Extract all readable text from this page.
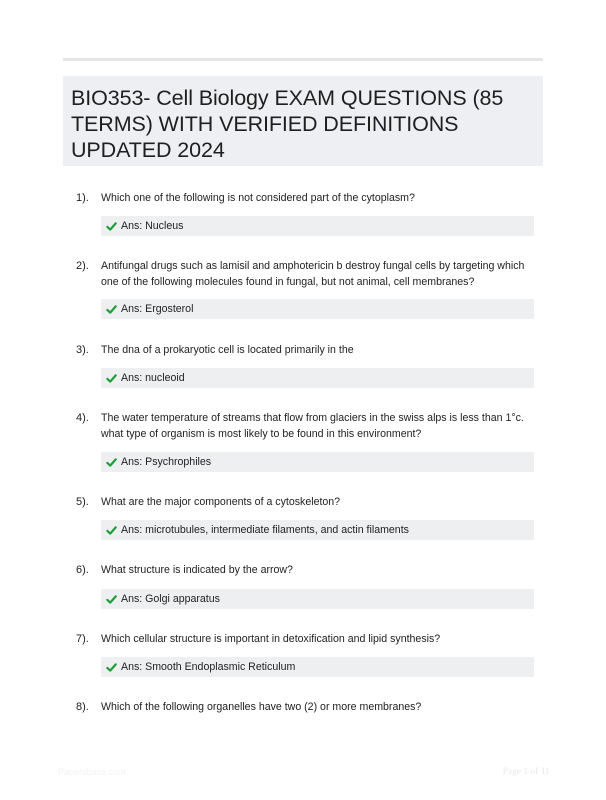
BIO353- Cell Biology EXAM QUESTIONS (85 TERMS) WITH VERIFIED DEFINITIONS UPDATED 2024
1). Which one of the following is not considered part of the cytoplasm?

Ans: Nucleus
2). Antifungal drugs such as lamisil and amphotericin b destroy fungal cells by targeting which one of the following molecules found in fungal, but not animal, cell membranes?

Ans: Ergosterol
3). The dna of a prokaryotic cell is located primarily in the

Ans: nucleoid
4). The water temperature of streams that flow from glaciers in the swiss alps is less than 1°c. what type of organism is most likely to be found in this environment?

Ans: Psychrophiles
5). What are the major components of a cytoskeleton?

Ans: microtubules, intermediate filaments, and actin filaments
6). What structure is indicated by the arrow?

Ans: Golgi apparatus
7). Which cellular structure is important in detoxification and lipid synthesis?

Ans: Smooth Endoplasmic Reticulum
8). Which of the following organelles have two (2) or more membranes?

Papersbase.com	Page 1 of 11
